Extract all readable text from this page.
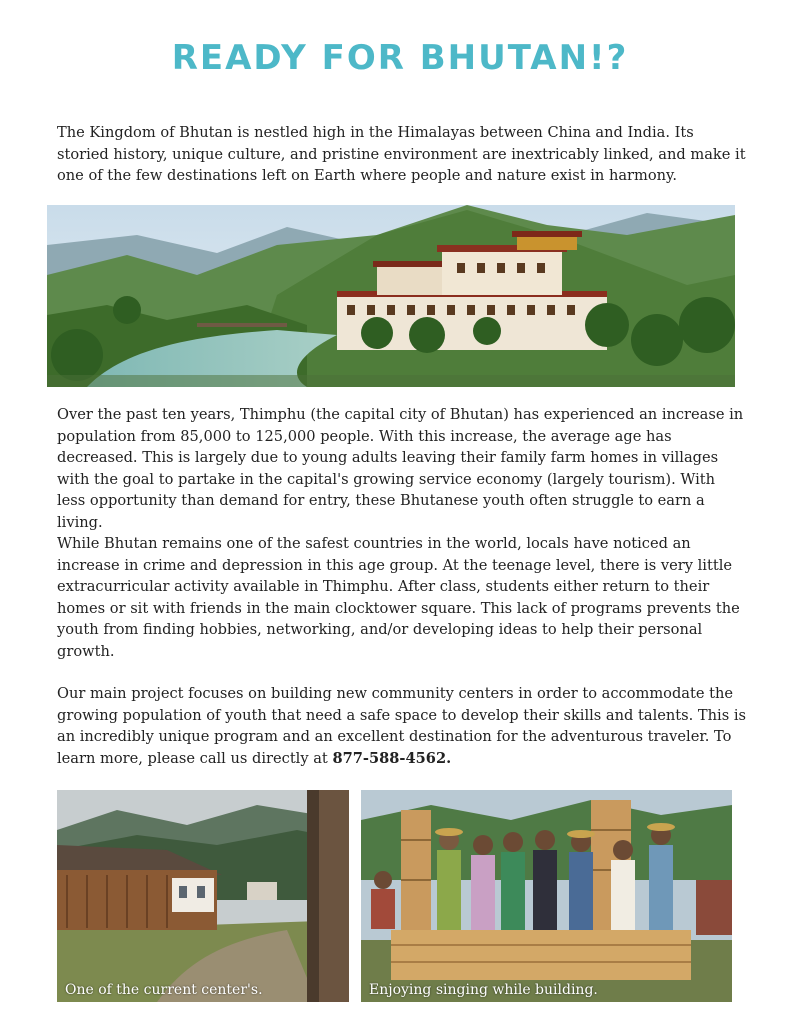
READY FOR BHUTAN!?

The Kingdom of Bhutan is nestled high in the Himalayas between China and India. Its storied history, unique culture, and pristine environment are inextricably linked, and make it one of the few destinations left on Earth where people and nature exist in harmony.

Over the past ten years, Thimphu (the capital city of Bhutan) has experienced an increase in population from 85,000 to 125,000 people. With this increase, the average age has decreased. This is largely due to young adults leaving their family farm homes in villages with the goal to partake in the capital's growing service economy (largely tourism). With less opportunity than demand for entry, these Bhutanese youth often struggle to earn a living.

While Bhutan remains one of the safest countries in the world, locals have noticed an increase in crime and depression in this age group. At the teenage level, there is very little extracurricular activity available in Thimphu. After class, students either return to their homes or sit with friends in the main clocktower square. This lack of programs prevents the youth from finding hobbies, networking, and/or developing ideas to help their personal growth.

Our main project focuses on building new community centers in order to accommodate the growing population of youth that need a safe space to develop their skills and talents. This is an incredibly unique program and an excellent destination for the adventurous traveler. To learn more, please call us directly at 877-588-4562.

One of the current center's.	Enjoying singing while building.
